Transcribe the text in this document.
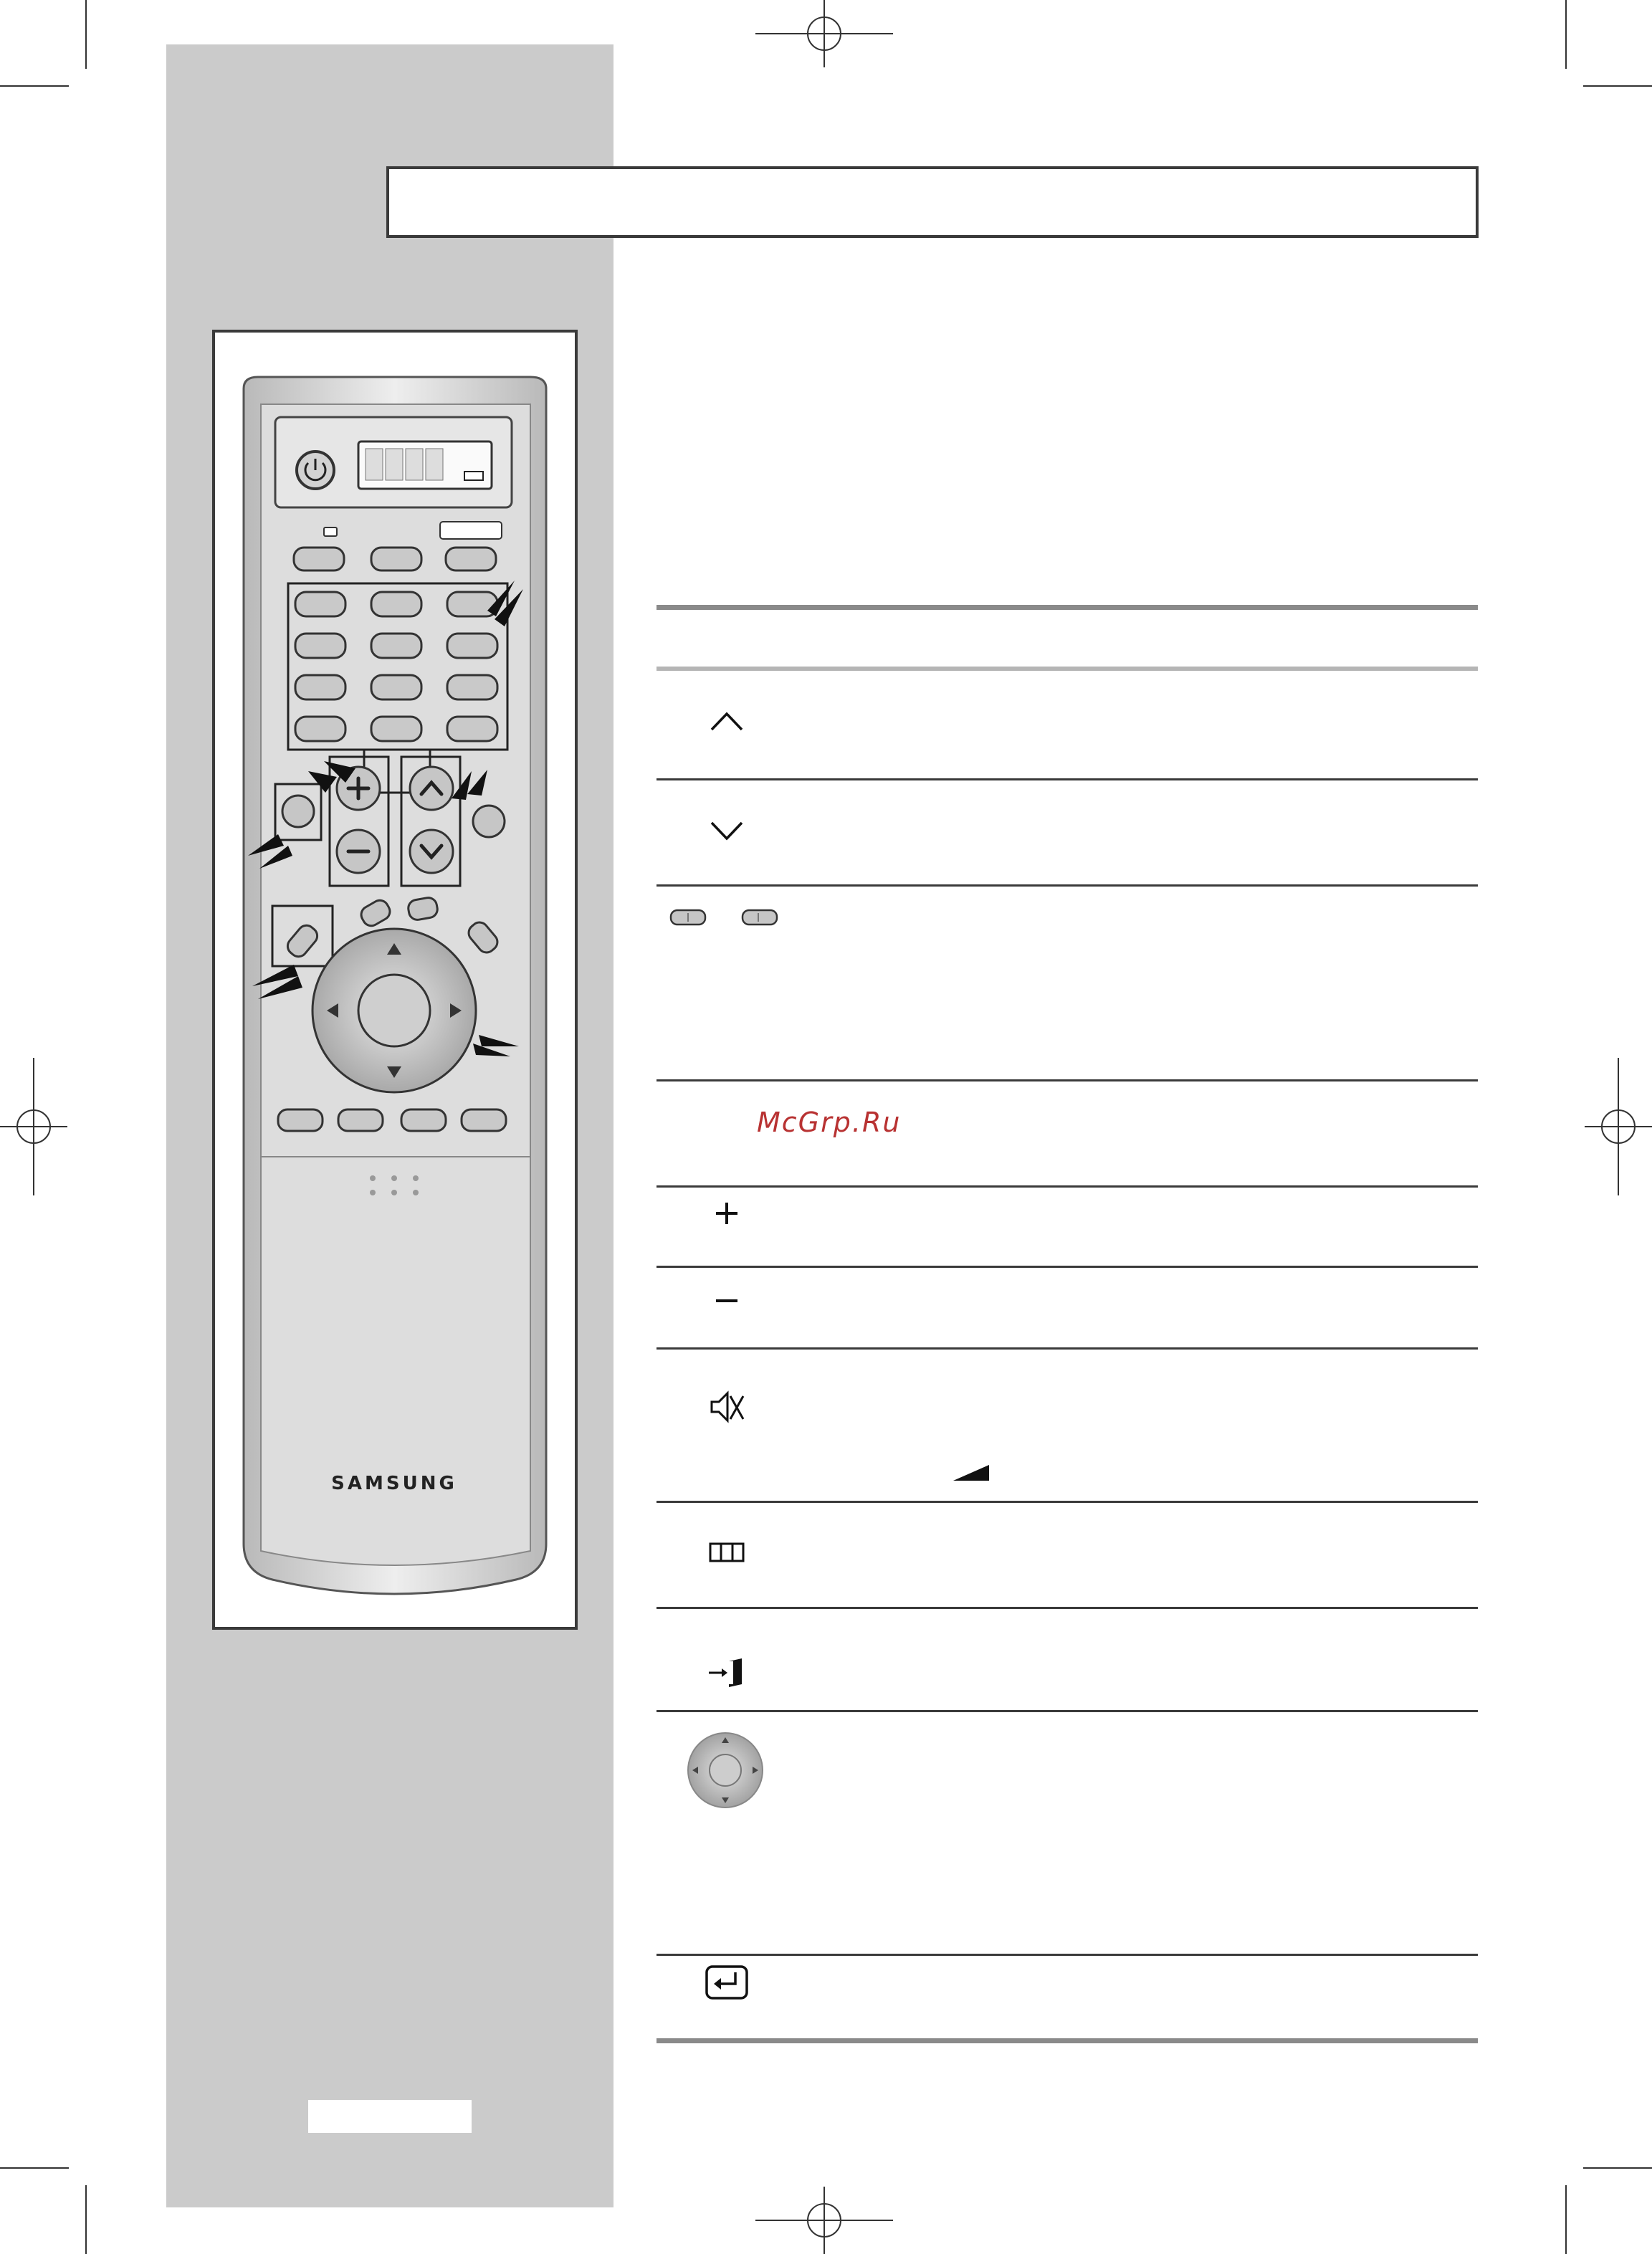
SAMSUNG
McGrp.Ru
